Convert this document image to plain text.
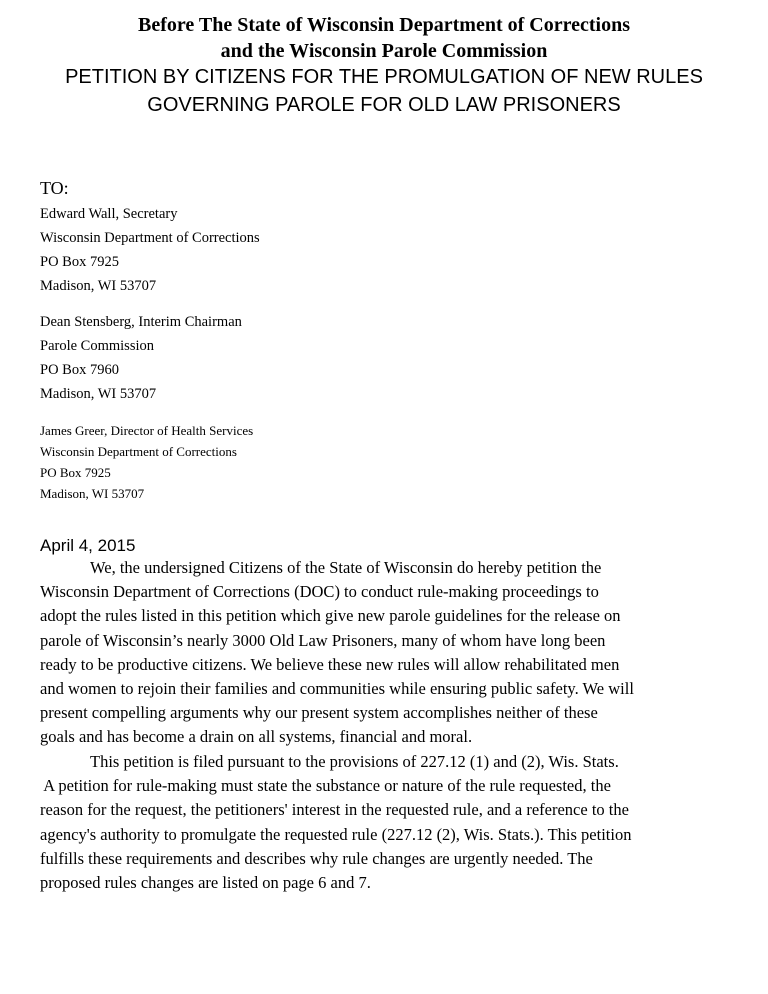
Before The State of Wisconsin Department of Corrections
and the Wisconsin Parole Commission
PETITION BY CITIZENS FOR THE PROMULGATION OF NEW RULES
GOVERNING PAROLE FOR OLD LAW PRISONERS
TO:
Edward Wall, Secretary
Wisconsin Department of Corrections
PO Box 7925
Madison, WI 53707
Dean Stensberg, Interim Chairman
Parole Commission
PO Box 7960
Madison, WI 53707
James Greer, Director of Health Services
Wisconsin Department of Corrections
PO Box 7925
Madison, WI 53707
April 4, 2015
We, the undersigned Citizens of the State of Wisconsin do hereby petition the
Wisconsin Department of Corrections (DOC) to conduct rule-making proceedings to
adopt the rules listed in this petition which give new parole guidelines for the release on
parole of Wisconsin’s nearly 3000 Old Law Prisoners, many of whom have long been
ready to be productive citizens. We believe these new rules will allow rehabilitated men
and women to rejoin their families and communities while ensuring public safety. We will
present compelling arguments why our present system accomplishes neither of these
goals and has become a drain on all systems, financial and moral.
This petition is filed pursuant to the provisions of 227.12 (1) and (2), Wis. Stats.
A petition for rule-making must state the substance or nature of the rule requested, the
reason for the request, the petitioners' interest in the requested rule, and a reference to the
agency's authority to promulgate the requested rule (227.12 (2), Wis. Stats.). This petition
fulfills these requirements and describes why rule changes are urgently needed. The
proposed rules changes are listed on page 6 and 7.
